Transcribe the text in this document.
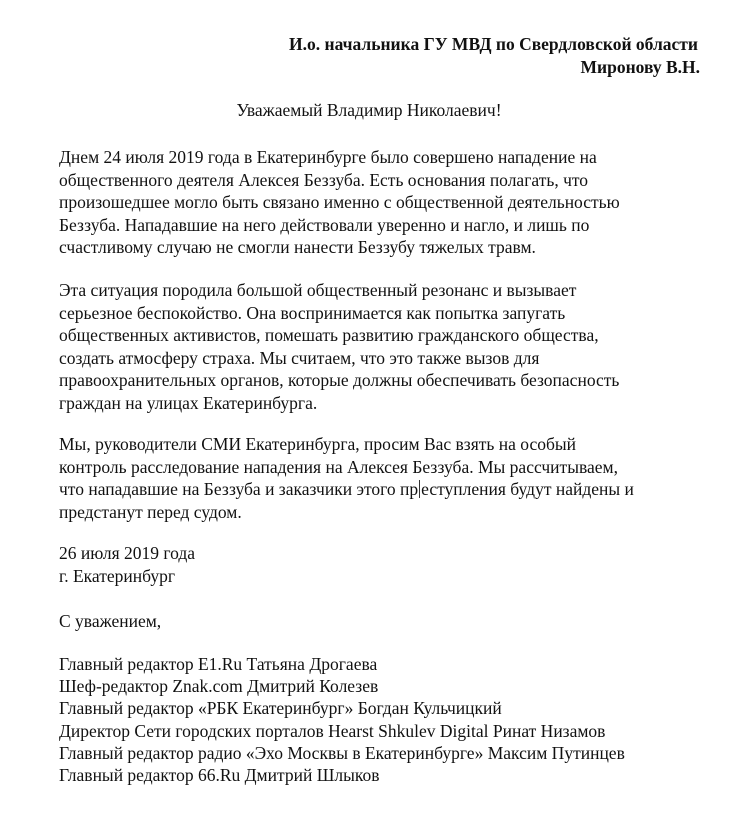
И.о. начальника ГУ МВД по Свердловской области
Миронову В.Н.
Уважаемый Владимир Николаевич!
Днем 24 июля 2019 года в Екатеринбурге было совершено нападение на
общественного деятеля Алексея Беззуба. Есть основания полагать, что
произошедшее могло быть связано именно с общественной деятельностью
Беззуба. Нападавшие на него действовали уверенно и нагло, и лишь по
счастливому случаю не смогли нанести Беззубу тяжелых травм.
Эта ситуация породила большой общественный резонанс и вызывает
серьезное беспокойство. Она воспринимается как попытка запугать
общественных активистов, помешать развитию гражданского общества,
создать атмосферу страха. Мы считаем, что это также вызов для
правоохранительных органов, которые должны обеспечивать безопасность
граждан на улицах Екатеринбурга.
Мы, руководители СМИ Екатеринбурга, просим Вас взять на особый
контроль расследование нападения на Алексея Беззуба. Мы рассчитываем,
что нападавшие на Беззуба и заказчики этого пр еступления будут найдены и
предстанут перед судом.
26 июля 2019 года
г. Екатеринбург
С уважением,
Главный редактор E1.Ru Татьяна Дрогаева
Шеф-редактор Znak.com Дмитрий Колезев
Главный редактор «РБК Екатеринбург» Богдан Кульчицкий
Директор Сети городских порталов Hearst Shkulev Digital Ринат Низамов
Главный редактор радио «Эхо Москвы в Екатеринбурге» Максим Путинцев
Главный редактор 66.Ru Дмитрий Шлыков
